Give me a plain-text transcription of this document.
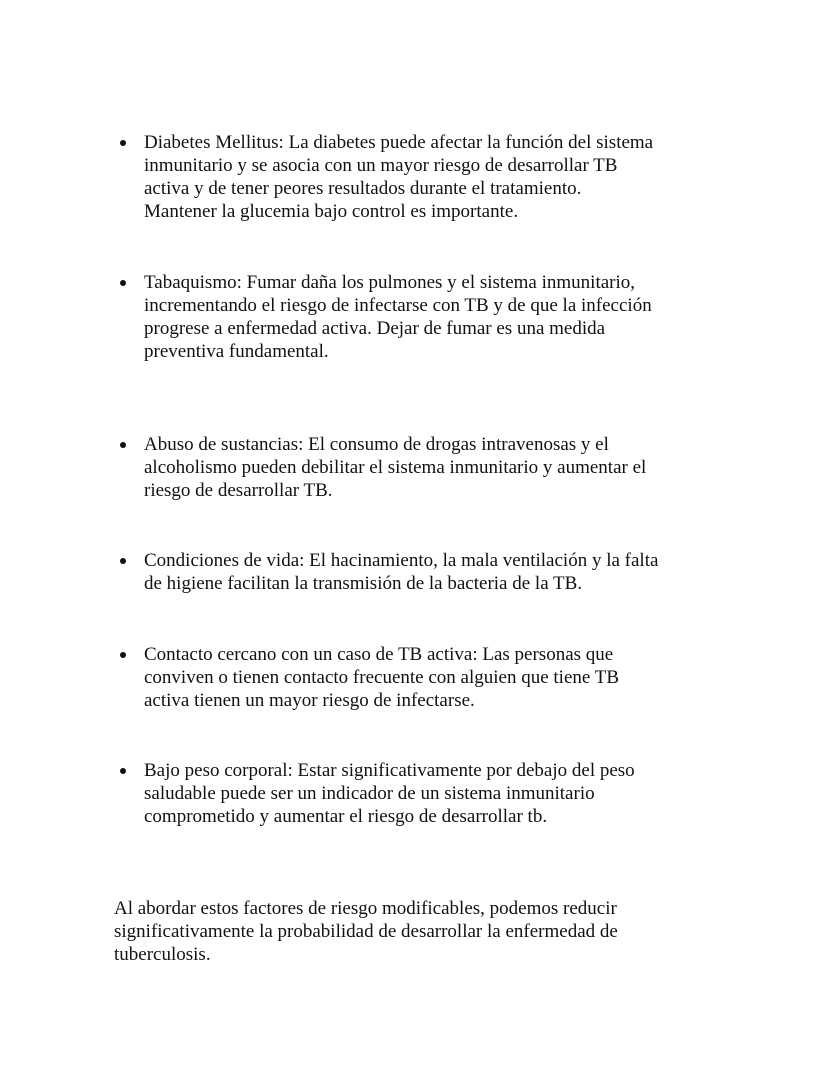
Diabetes Mellitus: La diabetes puede afectar la función del sistema
inmunitario y se asocia con un mayor riesgo de desarrollar TB
activa y de tener peores resultados durante el tratamiento.
Mantener la glucemia bajo control es importante.
Tabaquismo: Fumar daña los pulmones y el sistema inmunitario,
incrementando el riesgo de infectarse con TB y de que la infección
progrese a enfermedad activa. Dejar de fumar es una medida
preventiva fundamental.
Abuso de sustancias: El consumo de drogas intravenosas y el
alcoholismo pueden debilitar el sistema inmunitario y aumentar el
riesgo de desarrollar TB.
Condiciones de vida: El hacinamiento, la mala ventilación y la falta
de higiene facilitan la transmisión de la bacteria de la TB.
Contacto cercano con un caso de TB activa: Las personas que
conviven o tienen contacto frecuente con alguien que tiene TB
activa tienen un mayor riesgo de infectarse.
Bajo peso corporal: Estar significativamente por debajo del peso
saludable puede ser un indicador de un sistema inmunitario
comprometido y aumentar el riesgo de desarrollar tb.
Al abordar estos factores de riesgo modificables, podemos reducir
significativamente la probabilidad de desarrollar la enfermedad de
tuberculosis.
